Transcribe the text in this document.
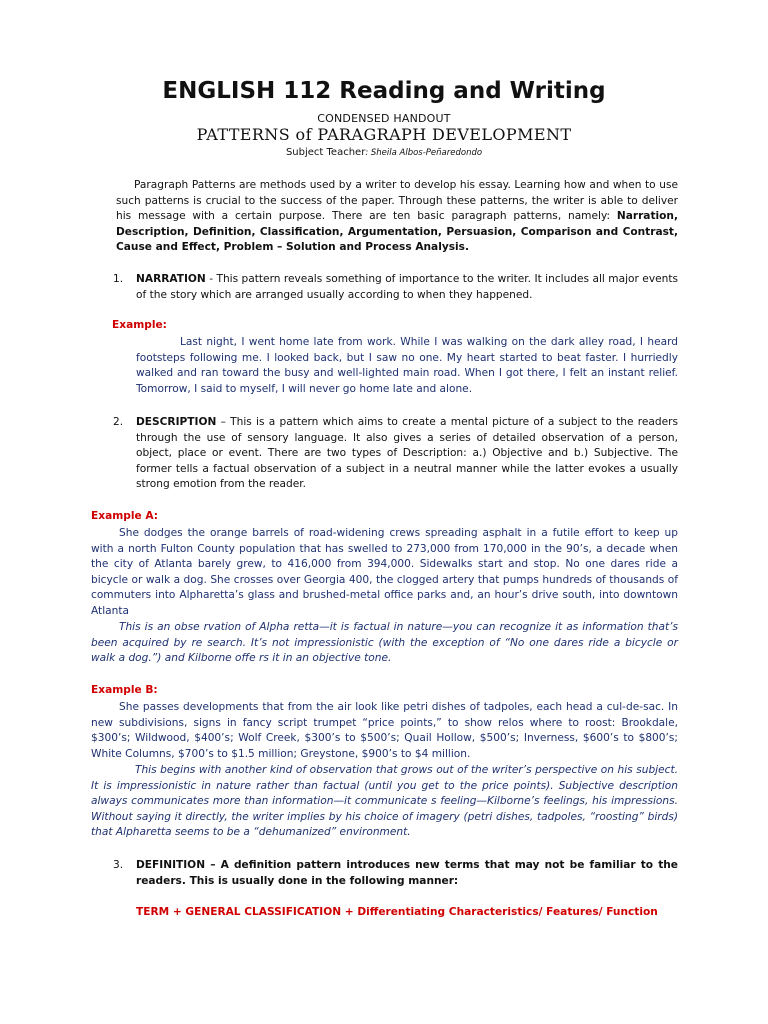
ENGLISH 112 Reading and Writing
CONDENSED HANDOUT
PATTERNS of PARAGRAPH DEVELOPMENT
Subject Teacher: Sheila Albos-Peñaredondo
Paragraph Patterns are methods used by a writer to develop his essay. Learning how and when to use such patterns is crucial to the success of the paper. Through these patterns, the writer is able to deliver his message with a certain purpose. There are ten basic paragraph patterns, namely: Narration, Description, Definition, Classification, Argumentation, Persuasion, Comparison and Contrast, Cause and Effect, Problem – Solution and Process Analysis.
1. NARRATION - This pattern reveals something of importance to the writer. It includes all major events of the story which are arranged usually according to when they happened.
Example:
Last night, I went home late from work. While I was walking on the dark alley road, I heard footsteps following me. I looked back, but I saw no one. My heart started to beat faster. I hurriedly walked and ran toward the busy and well-lighted main road. When I got there, I felt an instant relief. Tomorrow, I said to myself, I will never go home late and alone.
2. DESCRIPTION – This is a pattern which aims to create a mental picture of a subject to the readers through the use of sensory language. It also gives a series of detailed observation of a person, object, place or event. There are two types of Description: a.) Objective and b.) Subjective. The former tells a factual observation of a subject in a neutral manner while the latter evokes a usually strong emotion from the reader.
Example A:
She dodges the orange barrels of road-widening crews spreading asphalt in a futile effort to keep up with a north Fulton County population that has swelled to 273,000 from 170,000 in the 90’s, a decade when the city of Atlanta barely grew, to 416,000 from 394,000. Sidewalks start and stop. No one dares ride a bicycle or walk a dog. She crosses over Georgia 400, the clogged artery that pumps hundreds of thousands of commuters into Alpharetta’s glass and brushed-metal office parks and, an hour’s drive south, into downtown Atlanta
This is an obse rvation of Alpha retta—it is factual in nature—you can recognize it as information that’s been acquired by re search. It’s not impressionistic (with the exception of “No one dares ride a bicycle or walk a dog.”) and Kilborne offe rs it in an objective tone.
Example B:
She passes developments that from the air look like petri dishes of tadpoles, each head a cul-de-sac. In new subdivisions, signs in fancy script trumpet “price points,” to show relos where to roost: Brookdale, $300’s; Wildwood, $400’s; Wolf Creek, $300’s to $500’s; Quail Hollow, $500’s; Inverness, $600’s to $800’s; White Columns, $700’s to $1.5 million; Greystone, $900’s to $4 million.
This begins with another kind of observation that grows out of the writer’s perspective on his subject. It is impressionistic in nature rather than factual (until you get to the price points). Subjective description always communicates more than information—it communicate s feeling—Kilborne’s feelings, his impressions. Without saying it directly, the writer implies by his choice of imagery (petri dishes, tadpoles, “roosting” birds) that Alpharetta seems to be a “dehumanized” environment.
3. DEFINITION – A definition pattern introduces new terms that may not be familiar to the readers. This is usually done in the following manner:
TERM + GENERAL CLASSIFICATION + Differentiating Characteristics/ Features/ Function
